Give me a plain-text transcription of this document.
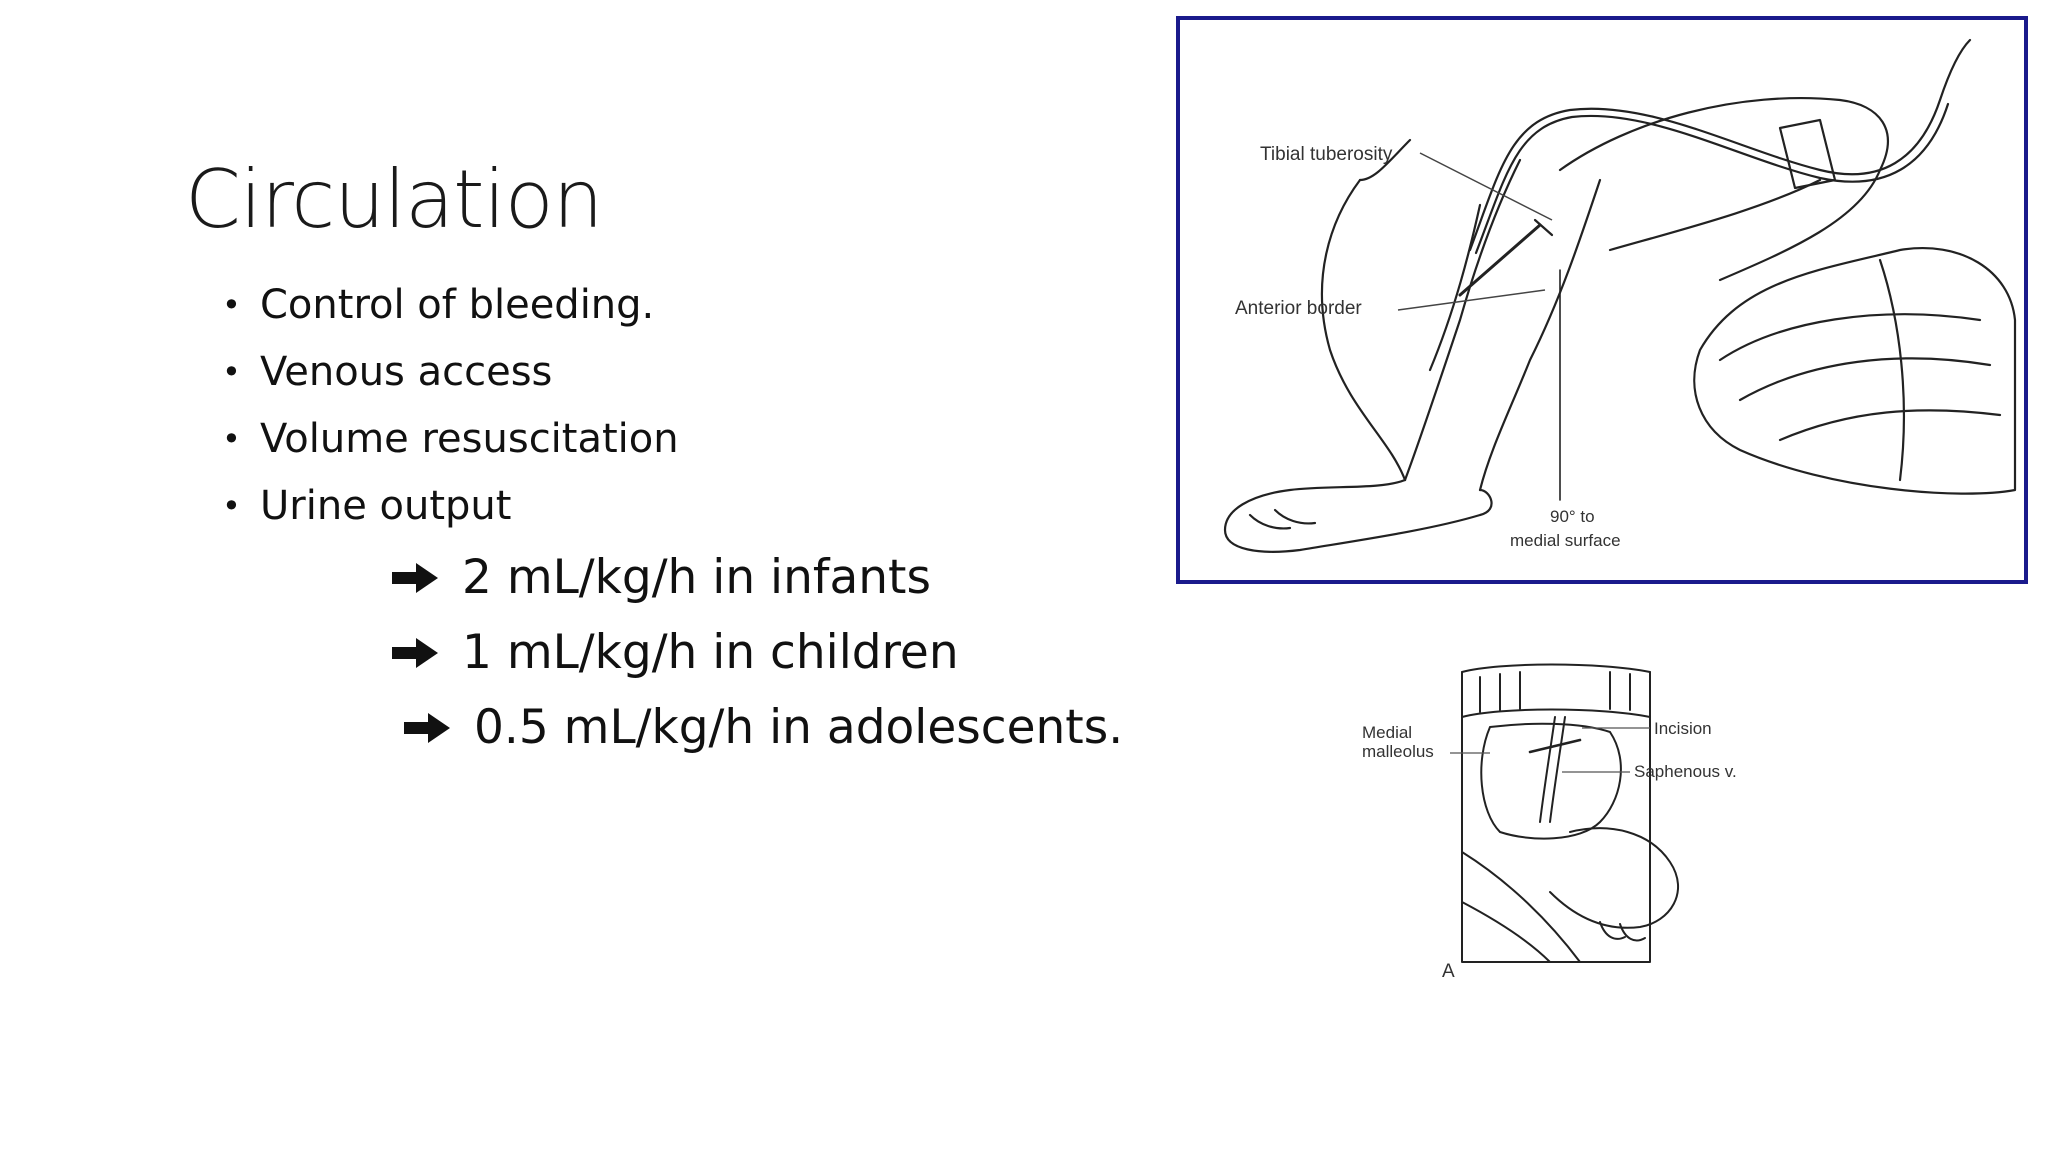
Circulation
• Control of bleeding.
• Venous access
• Volume resuscitation
• Urine output
2 mL/kg/h in infants
1 mL/kg/h in children
0.5 mL/kg/h in adolescents.
Tibial tuberosity
Anterior border
90° to
medial surface
Medial
malleolus
Incision
Saphenous v.
A
